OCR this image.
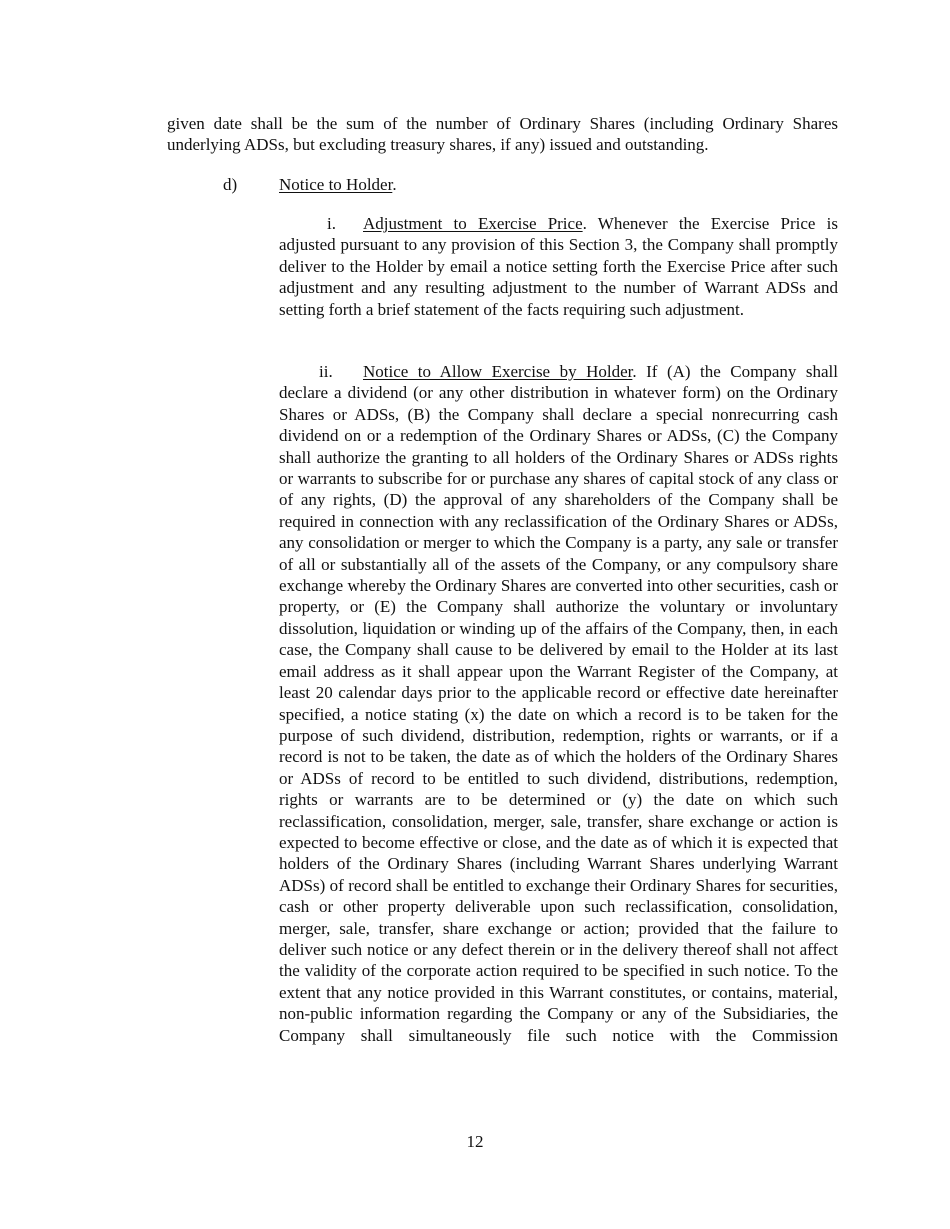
given date shall be the sum of the number of Ordinary Shares (including Ordinary Shares underlying ADSs, but excluding treasury shares, if any) issued and outstanding.

d) Notice to Holder.

i. Adjustment to Exercise Price. Whenever the Exercise Price is adjusted pursuant to any provision of this Section 3, the Company shall promptly deliver to the Holder by email a notice setting forth the Exercise Price after such adjustment and any resulting adjustment to the number of Warrant ADSs and setting forth a brief statement of the facts requiring such adjustment.

ii. Notice to Allow Exercise by Holder. If (A) the Company shall declare a dividend (or any other distribution in whatever form) on the Ordinary Shares or ADSs, (B) the Company shall declare a special nonrecurring cash dividend on or a redemption of the Ordinary Shares or ADSs, (C) the Company shall authorize the granting to all holders of the Ordinary Shares or ADSs rights or warrants to subscribe for or purchase any shares of capital stock of any class or of any rights, (D) the approval of any shareholders of the Company shall be required in connection with any reclassification of the Ordinary Shares or ADSs, any consolidation or merger to which the Company is a party, any sale or transfer of all or substantially all of the assets of the Company, or any compulsory share exchange whereby the Ordinary Shares are converted into other securities, cash or property, or (E) the Company shall authorize the voluntary or involuntary dissolution, liquidation or winding up of the affairs of the Company, then, in each case, the Company shall cause to be delivered by email to the Holder at its last email address as it shall appear upon the Warrant Register of the Company, at least 20 calendar days prior to the applicable record or effective date hereinafter specified, a notice stating (x) the date on which a record is to be taken for the purpose of such dividend, distribution, redemption, rights or warrants, or if a record is not to be taken, the date as of which the holders of the Ordinary Shares or ADSs of record to be entitled to such dividend, distributions, redemption, rights or warrants are to be determined or (y) the date on which such reclassification, consolidation, merger, sale, transfer, share exchange or action is expected to become effective or close, and the date as of which it is expected that holders of the Ordinary Shares (including Warrant Shares underlying Warrant ADSs) of record shall be entitled to exchange their Ordinary Shares for securities, cash or other property deliverable upon such reclassification, consolidation, merger, sale, transfer, share exchange or action; provided that the failure to deliver such notice or any defect therein or in the delivery thereof shall not affect the validity of the corporate action required to be specified in such notice. To the extent that any notice provided in this Warrant constitutes, or contains, material, non-public information regarding the Company or any of the Subsidiaries, the Company shall simultaneously file such notice with the Commission

12
